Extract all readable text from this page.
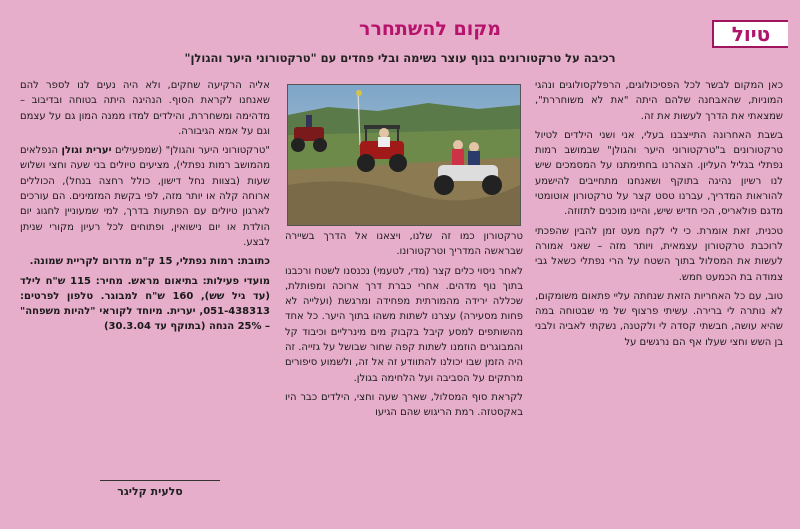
טיול
מקום להשתחרר
רכיבה על טרקטורונים בנוף עוצר נשימה ובלי פחדים עם "טרקטורוני היער והגולן"

כאן המקום לבשר לכל הפסיכולוגים, הרפלקסולוגים ונהגי המוניות, שהאבחנה שלהם היתה "את לא משוחררת", שמצאתי את הדרך לעשות את זה.

בשבת האחרונה התייצבנו בעלי, אני ושני הילדים לטיול טרקטורונים ב"טרקטורוני היער והגולן" שבמושב רמות נפתלי בגליל העליון. הצהרנו בחתימתנו על המסמכים שיש לנו רשיון נהיגה בתוקף ושאנחנו מתחייבים להישמע להוראות המדריך, עברנו טסט קצר על טרקטורון אוטומטי מדגם פולאריס, הכי חדיש שיש, והיינו מוכנים לתזוזה.

טכנית, זאת אומרת. כי לי לקח מעט זמן להבין שהפכתי לרוכבת טרקטורון עצמאית, ויותר מזה – שאני אמורה לעשות את המסלול בתוך השטח על הרי נפתלי כשאל גבי צמודה בת הכמעט חמש.

טוב, עם כל האחריות הזאת שנחתה עליי פתאום משומקום, לא נותרה לי ברירה. עשיתי פרצוף של מי שבטוחה במה שהיא עושה, חבשתי קסדה לי ולקטנה, נשקתי לאביה ולבני בן השש וחצי שעלו אף הם נרגשים על

טרקטורון כמו זה שלנו, ויצאנו אל הדרך בשיירה שבראשה המדריך וטרקטורונו.

לאחר ניסוי כלים קצר (מדי, לטעמי) נכנסנו לשטח ורכבנו בתוך נוף מדהים. אחרי כברת דרך ארוכה ומפותלת, שכללה ירידה מהמורתית מפחידה ומרגשת (ועלייה לא פחות מסעירה) עצרנו לשתות משהו בתוך היער. כל אחד מהשותפים למסע קיבל בקבוק מים מינרליים וכיבוד קל והמבוגרים הוזמנו לשתות קפה שחור שבושל על גזייה. זה היה הזמן שבו יכולנו להתוודע זה אל זה, ולשמוע סיפורים מרתקים על הסביבה ועל הלחימה בגולן.

לקראת סוף המסלול, שארך שעה וחצי, הילדים כבר היו באקסטזה. רמת הריגוש שהם הגיעו

אליה הרקיעה שחקים, ולא היה נעים לנו לספר להם שאנחנו לקראת הסוף. הנהיגה היתה בטוחה ובדיבוב – מדהימה ומשחררת, והילדים למדו ממנה המון גם על עצמם וגם על אמא הגיבורה.

"טרקטורוני היער והגולן" (שמפעילים יערית וגולן הנפלאים מהמושב רמות נפתלי), מציעים טיולים בני שעה וחצי ושלוש שעות (בצוות נחל דישון, כולל רחצה בנחל), הכוללים ארוחה קלה או יותר מזה, לפי בקשת המזמינים. הם עורכים לארגון טיולים עם הפתעות בדרך, למי שמעוניין לחגוג יום הולדת או יום נישואין, ופתוחים לכל רעיון מקורי שניתן לבצע.

כתובת: רמות נפתלי, 15 ק"מ מדרום לקריית שמונה.

מועדי פעילות: בתיאום מראש. מחיר: 115 ש"ח לילד (עד גיל שש), 160 ש"ח למבוגר. טלפון לפרטים: 051-438313, יערית. מיוחד לקוראי "להיות משפחה" – 25% הנחה (בתוקף עד 30.3.04)

סלעית קליגר
